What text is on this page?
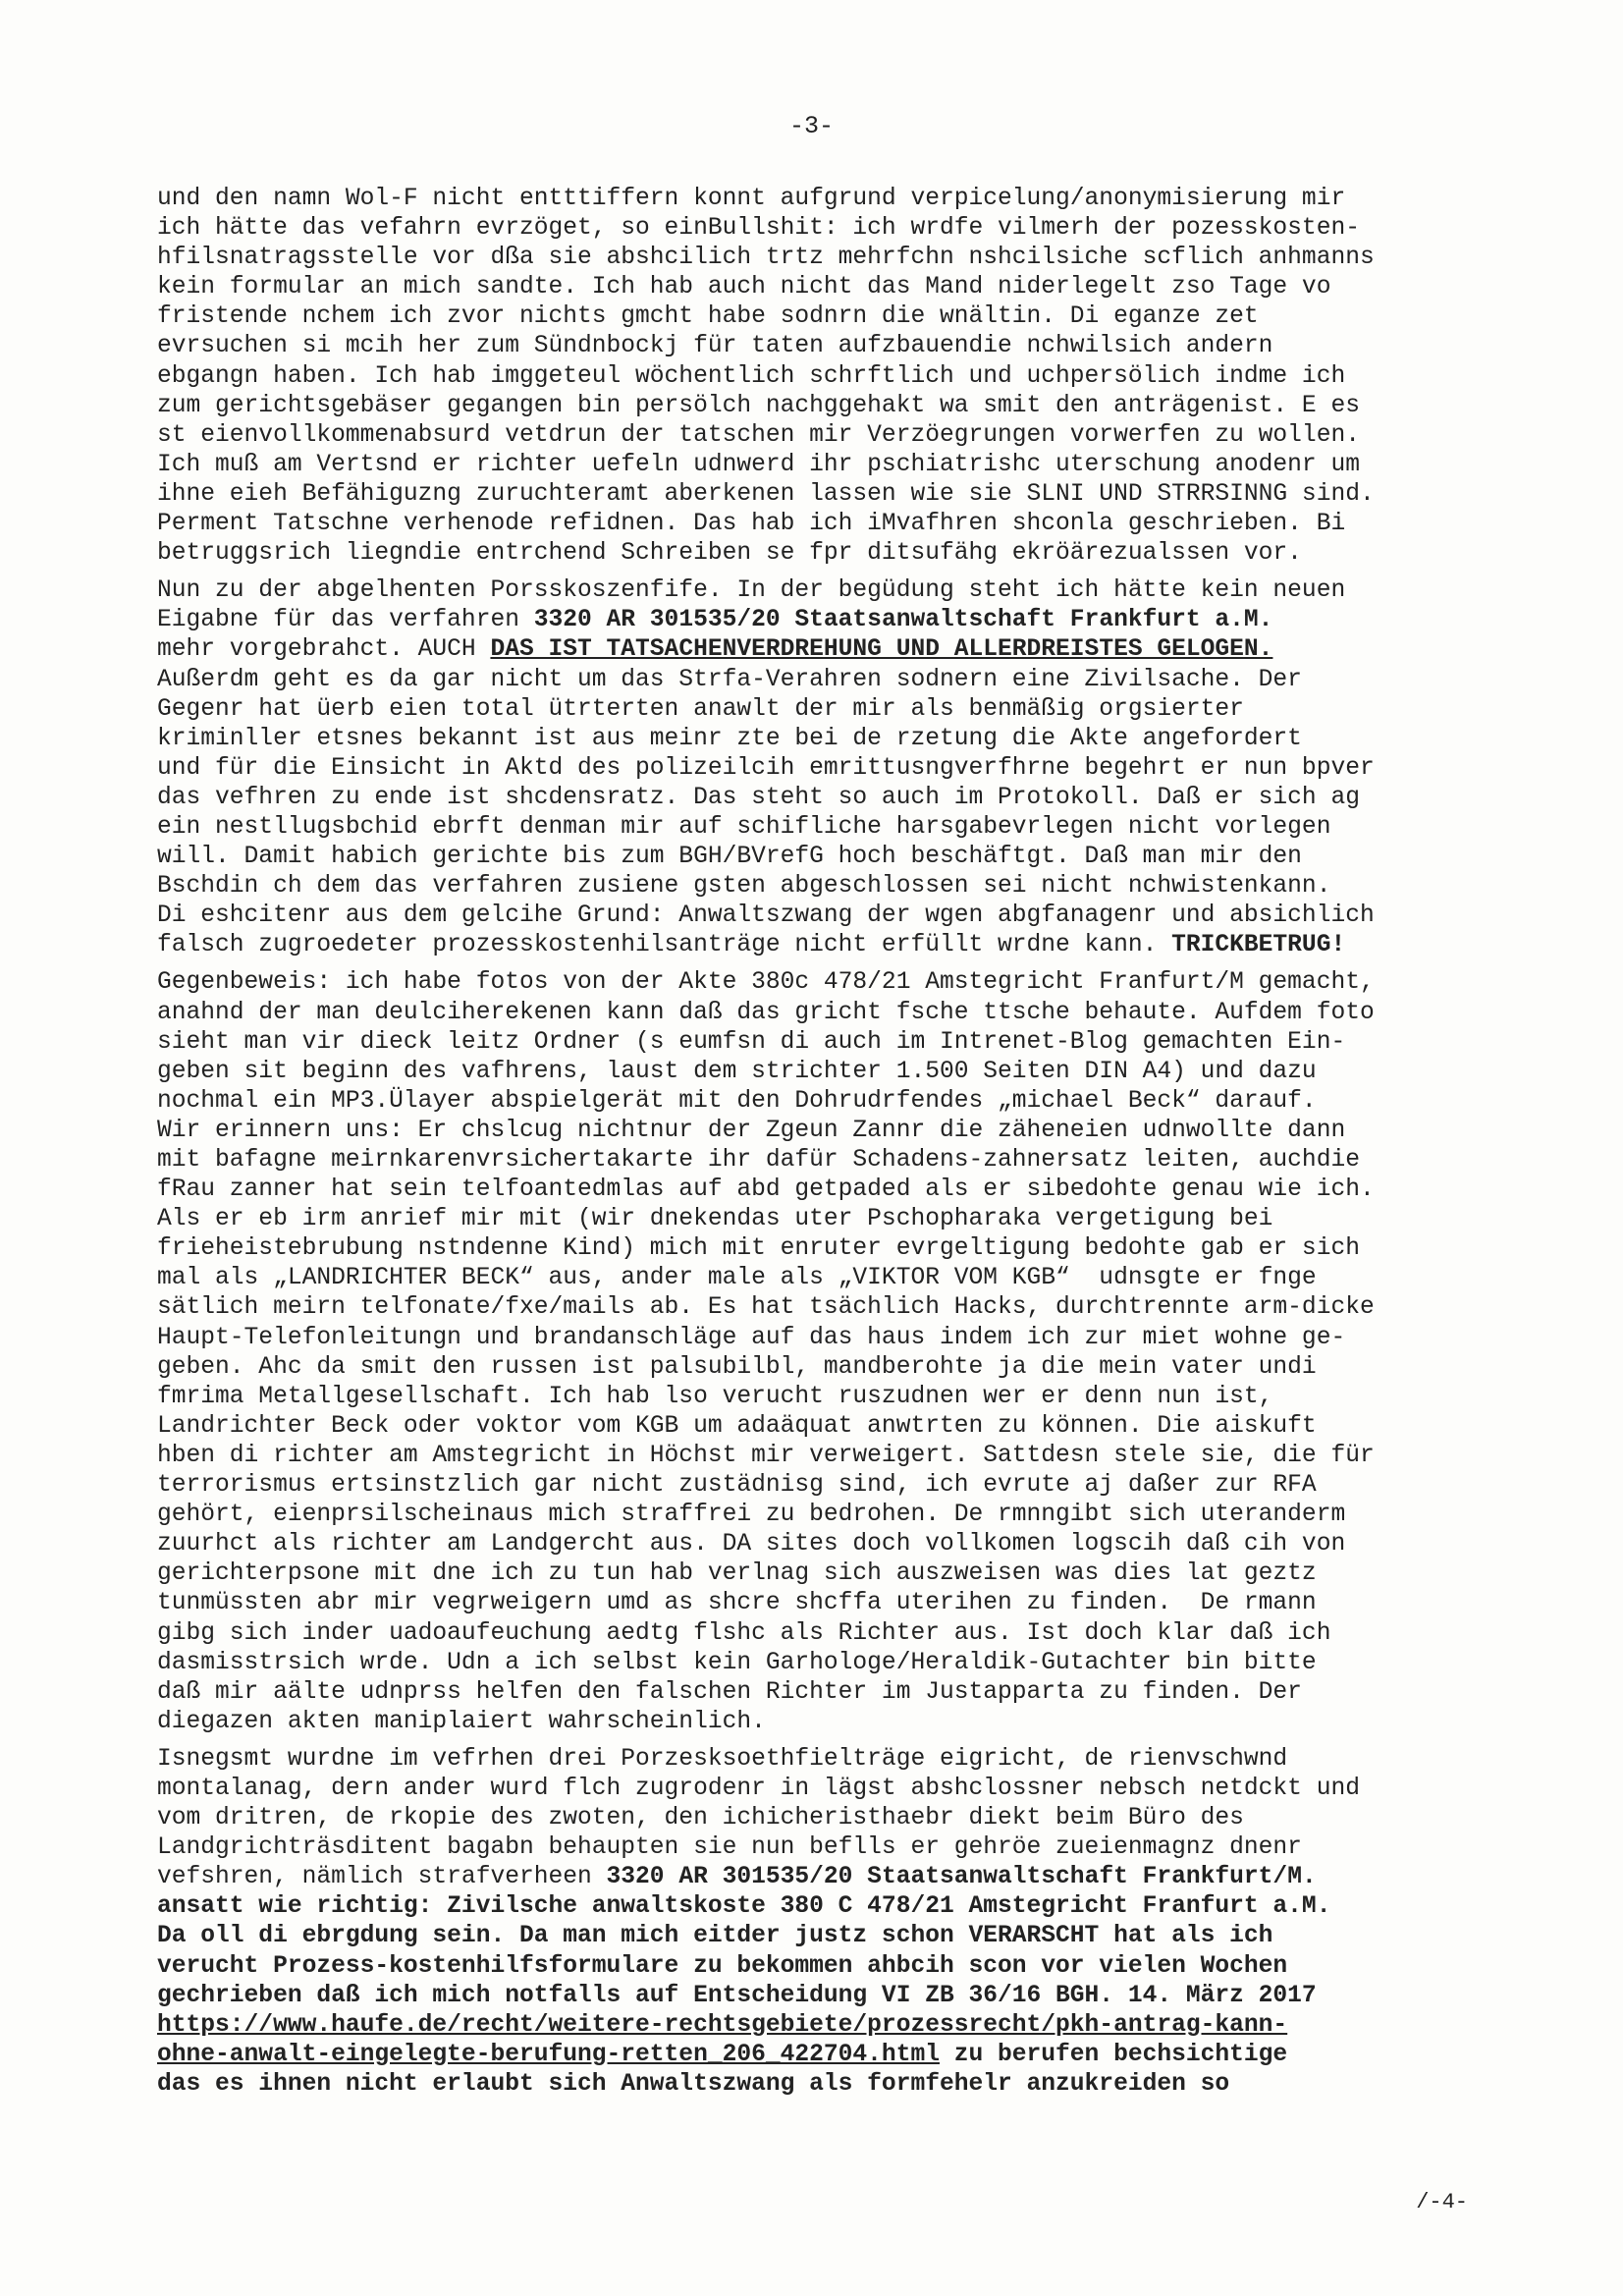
-3-
und den namn Wol-F nicht entttiffern konnt aufgrund verpicelung/anonymisierung mir
ich hätte das vefahrn evrzöget, so einBullshit: ich wrdfe vilmerh der pozesskosten-
hfilsnatragsstelle vor dßa sie abshcilich trtz mehrfchn nshcilsiche scflich anhmanns
kein formular an mich sandte. Ich hab auch nicht das Mand niderlegelt zso Tage vo
fristende nchem ich zvor nichts gmcht habe sodnrn die wnältin. Di eganze zet
evrsuchen si mcih her zum Sündnbockj für taten aufzbauendie nchwilsich andern
ebgangn haben. Ich hab imggeteul wöchentlich schrftlich und uchpersölich indme ich
zum gerichtsgebäser gegangen bin persölch nachggehakt wa smit den anträgenist. E es
st eienvollkommenabsurd vetdrun der tatschen mir Verzöegrungen vorwerfen zu wollen.
Ich muß am Vertsnd er richter uefeln udnwerd ihr pschiatrishc uterschung anodenr um
ihne eieh Befähiguzng zuruchteramt aberkenen lassen wie sie SLNI UND STRRSINNG sind.
Perment Tatschne verhenode refidnen. Das hab ich iMvafhren shconla geschrieben. Bi
betruggsrich liegndie entrchend Schreiben se fpr ditsufähg ekröärezualssen vor.
Nun zu der abgelhenten Porsskoszenfife. In der begüdung steht ich hätte kein neuen
Eigabne für das verfahren 3320 AR 301535/20 Staatsanwaltschaft Frankfurt a.M.
mehr vorgebrahct. AUCH DAS IST TATSACHENVERDREHUNG UND ALLERDREISTES GELOGEN.
Außerdm geht es da gar nicht um das Strfa-Verahren sodnern eine Zivilsache. Der
Gegenr hat üerb eien total ütrterten anawlt der mir als benmäßig orgsierter
kriminller etsnes bekannt ist aus meinr zte bei de rzetung die Akte angefordert
und für die Einsicht in Aktd des polizeilcih emrittusngverfhrne begehrt er nun bpver
das vefhren zu ende ist shcdensratz. Das steht so auch im Protokoll. Daß er sich ag
ein nestllugsbchid ebrft denman mir auf schifliche harsgabevrlegen nicht vorlegen
will. Damit habich gerichte bis zum BGH/BVrefG hoch beschäftgt. Daß man mir den
Bschdin ch dem das verfahren zusiene gsten abgeschlossen sei nicht nchwistenkann.
Di eshcitenr aus dem gelcihe Grund: Anwaltszwang der wgen abgfanagenr und absichlich
falsch zugroedeter prozesskostenhilsanträge nicht erfüllt wrdne kann. TRICKBETRUG!
Gegenbeweis: ich habe fotos von der Akte 380c 478/21 Amstegricht Franfurt/M gemacht,
anahnd der man deulciherekenen kann daß das gricht fsche ttsche behaute. Aufdem foto
sieht man vir dieck leitz Ordner (s eumfsn di auch im Intrenet-Blog gemachten Ein-
geben sit beginn des vafhrens, laust dem strichter 1.500 Seiten DIN A4) und dazu
nochmal ein MP3.Ülayer abspielgerät mit den Dohrudrfendes „michael Beck“ darauf.
Wir erinnern uns: Er chslcug nichtnur der Zgeun Zannr die zäheneien udnwollte dann
mit bafagne meirnkarenvrsichertakarte ihr dafür Schadens-zahnersatz leiten, auchdie
fRau zanner hat sein telfoantedmlas auf abd getpaded als er sibedohte genau wie ich.
Als er eb irm anrief mir mit (wir dnekendas uter Pschopharaka vergetigung bei
frieheistebrubung nstndenne Kind) mich mit enruter evrgeltigung bedohte gab er sich
mal als „LANDRICHTER BECK“ aus, ander male als „VIKTOR VOM KGB“  udnsgte er fnge
sätlich meirn telfonate/fxe/mails ab. Es hat tsächlich Hacks, durchtrennte arm-dicke
Haupt-Telefonleitungn und brandanschläge auf das haus indem ich zur miet wohne ge-
geben. Ahc da smit den russen ist palsubilbl, mandberohte ja die mein vater undi
fmrima Metallgesellschaft. Ich hab lso verucht ruszudnen wer er denn nun ist,
Landrichter Beck oder voktor vom KGB um adaäquat anwtrten zu können. Die aiskuft
hben di richter am Amstegricht in Höchst mir verweigert. Sattdesn stele sie, die für
terrorismus ertsinstzlich gar nicht zustädnisg sind, ich evrute aj daßer zur RFA
gehört, eienprsilscheinaus mich straffrei zu bedrohen. De rmnngibt sich uteranderm
zuurhct als richter am Landgercht aus. DA sites doch vollkomen logscih daß cih von
gerichterpsone mit dne ich zu tun hab verlnag sich auszweisen was dies lat geztz
tunmüssten abr mir vegrweigern umd as shcre shcffa uterihen zu finden.  De rmann
gibg sich inder uadoaufeuchung aedtg flshc als Richter aus. Ist doch klar daß ich
dasmisstrsich wrde. Udn a ich selbst kein Garhologe/Heraldik-Gutachter bin bitte
daß mir aälte udnprss helfen den falschen Richter im Justapparta zu finden. Der
diegazen akten maniplaiert wahrscheinlich.
Isnegsmt wurdne im vefrhen drei Porzesksoethfielträge eigricht, de rienvschwnd
montalanag, dern ander wurd flch zugrodenr in lägst abshclossner nebsch netdckt und
vom dritren, de rkopie des zwoten, den ichicheristhaebr diekt beim Büro des
Landgrichträsditent bagabn behaupten sie nun beflls er gehröe zueienmagnz dnenr
vefshren, nämlich strafverheen 3320 AR 301535/20 Staatsanwaltschaft Frankfurt/M.
ansatt wie richtig: Zivilsche anwaltskoste 380 C 478/21 Amstegricht Franfurt a.M.
Da oll di ebrgdung sein. Da man mich eitder justz schon VERARSCHT hat als ich
verucht Prozess-kostenhilfsformulare zu bekommen ahbcih scon vor vielen Wochen
gechrieben daß ich mich notfalls auf Entscheidung VI ZB 36/16 BGH. 14. März 2017
https://www.haufe.de/recht/weitere-rechtsgebiete/prozessrecht/pkh-antrag-kann-
ohne-anwalt-eingelegte-berufung-retten_206_422704.html zu berufen bechsichtige
das es ihnen nicht erlaubt sich Anwaltszwang als formfehelr anzukreiden so
/-4-
